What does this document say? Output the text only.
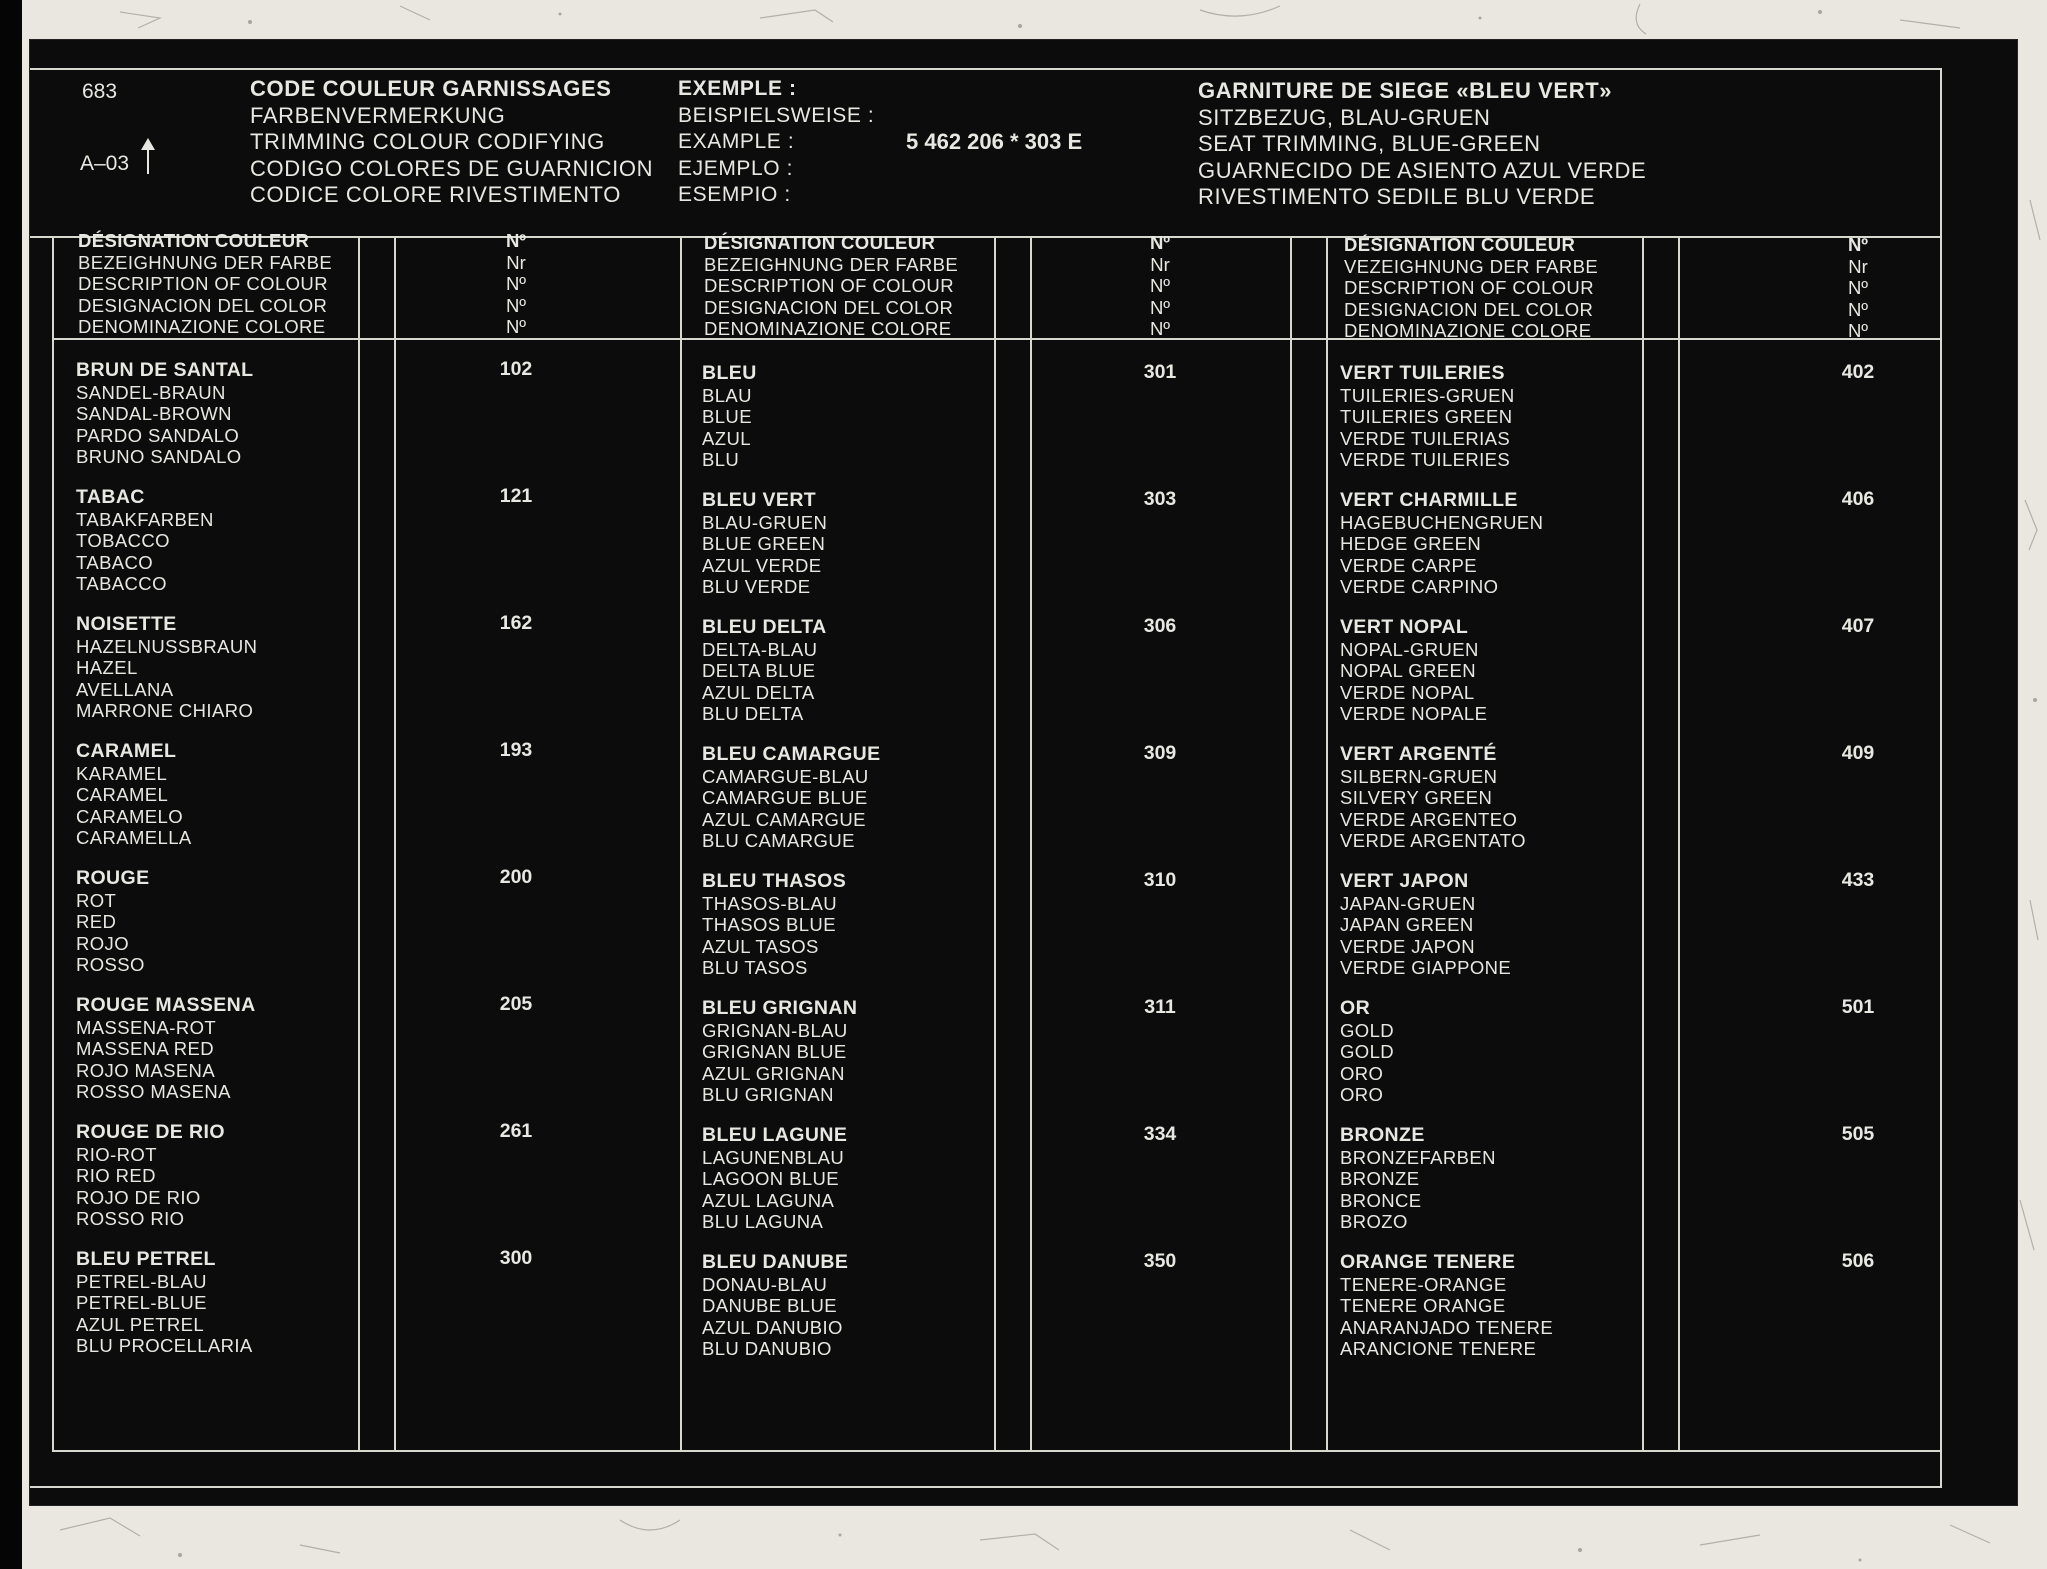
683
A–03
CODE COULEUR GARNISSAGES
FARBENVERMERKUNG
TRIMMING COLOUR CODIFYING
CODIGO COLORES DE GUARNICION
CODICE COLORE RIVESTIMENTO
EXEMPLE :
BEISPIELSWEISE :
EXAMPLE :
EJEMPLO :
ESEMPIO :
5 462 206 * 303 E
GARNITURE DE SIEGE «BLEU VERT»
SITZBEZUG, BLAU-GRUEN
SEAT TRIMMING, BLUE-GREEN
GUARNECIDO DE ASIENTO AZUL VERDE
RIVESTIMENTO SEDILE BLU VERDE
DÉSIGNATION COULEUR
BEZEIGHNUNG DER FARBE
DESCRIPTION OF COLOUR
DESIGNACION DEL COLOR
DENOMINAZIONE COLORE
Nº
Nr
Nº
Nº
Nº
DÉSIGNATION COULEUR
BEZEIGHNUNG DER FARBE
DESCRIPTION OF COLOUR
DESIGNACION DEL COLOR
DENOMINAZIONE COLORE
Nº
Nr
Nº
Nº
Nº
DÉSIGNATION COULEUR
VEZEIGHNUNG DER FARBE
DESCRIPTION OF COLOUR
DESIGNACION DEL COLOR
DENOMINAZIONE COLORE
Nº
Nr
Nº
Nº
Nº
BRUN DE SANTAL
SANDEL-BRAUN
SANDAL-BROWN
PARDO SANDALO
BRUNO SANDALO
102
TABAC
TABAKFARBEN
TOBACCO
TABACO
TABACCO
121
NOISETTE
HAZELNUSSBRAUN
HAZEL
AVELLANA
MARRONE CHIARO
162
CARAMEL
KARAMEL
CARAMEL
CARAMELO
CARAMELLA
193
ROUGE
ROT
RED
ROJO
ROSSO
200
ROUGE MASSENA
MASSENA-ROT
MASSENA RED
ROJO MASENA
ROSSO MASENA
205
ROUGE DE RIO
RIO-ROT
RIO RED
ROJO DE RIO
ROSSO RIO
261
BLEU PETREL
PETREL-BLAU
PETREL-BLUE
AZUL PETREL
BLU PROCELLARIA
300
BLEU
BLAU
BLUE
AZUL
BLU
301
BLEU VERT
BLAU-GRUEN
BLUE GREEN
AZUL VERDE
BLU VERDE
303
BLEU DELTA
DELTA-BLAU
DELTA BLUE
AZUL DELTA
BLU DELTA
306
BLEU CAMARGUE
CAMARGUE-BLAU
CAMARGUE BLUE
AZUL CAMARGUE
BLU CAMARGUE
309
BLEU THASOS
THASOS-BLAU
THASOS BLUE
AZUL TASOS
BLU TASOS
310
BLEU GRIGNAN
GRIGNAN-BLAU
GRIGNAN BLUE
AZUL GRIGNAN
BLU GRIGNAN
311
BLEU LAGUNE
LAGUNENBLAU
LAGOON BLUE
AZUL LAGUNA
BLU LAGUNA
334
BLEU DANUBE
DONAU-BLAU
DANUBE BLUE
AZUL DANUBIO
BLU DANUBIO
350
VERT TUILERIES
TUILERIES-GRUEN
TUILERIES GREEN
VERDE TUILERIAS
VERDE TUILERIES
402
VERT CHARMILLE
HAGEBUCHENGRUEN
HEDGE GREEN
VERDE CARPE
VERDE CARPINO
406
VERT NOPAL
NOPAL-GRUEN
NOPAL GREEN
VERDE NOPAL
VERDE NOPALE
407
VERT ARGENTÉ
SILBERN-GRUEN
SILVERY GREEN
VERDE ARGENTEO
VERDE ARGENTATO
409
VERT JAPON
JAPAN-GRUEN
JAPAN GREEN
VERDE JAPON
VERDE GIAPPONE
433
OR
GOLD
GOLD
ORO
ORO
501
BRONZE
BRONZEFARBEN
BRONZE
BRONCE
BROZO
505
ORANGE TENERE
TENERE-ORANGE
TENERE ORANGE
ANARANJADO TENERE
ARANCIONE TENERE
506
